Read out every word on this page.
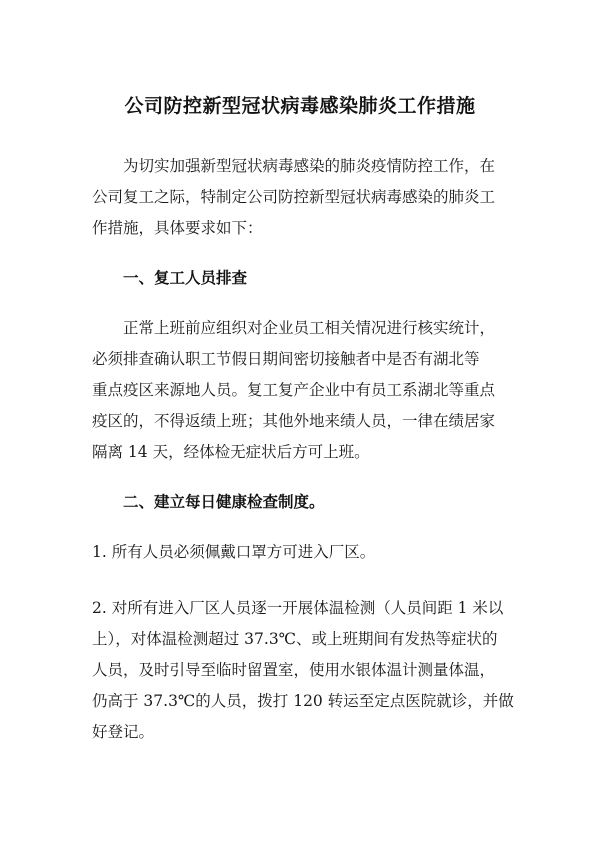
公司防控新型冠状病毒感染肺炎工作措施

为切实加强新型冠状病毒感染的肺炎疫情防控工作，在
公司复工之际，特制定公司防控新型冠状病毒感染的肺炎工
作措施，具体要求如下：

一、复工人员排查

正常上班前应组织对企业员工相关情况进行核实统计，
必须排查确认职工节假日期间密切接触者中是否有湖北等
重点疫区来源地人员。复工复产企业中有员工系湖北等重点
疫区的，不得返绩上班；其他外地来绩人员，一律在绩居家
隔离 14 天，经体检无症状后方可上班。

二、建立每日健康检查制度。

1. 所有人员必须佩戴口罩方可进入厂区。

2. 对所有进入厂区人员逐一开展体温检测（人员间距 1 米以
上），对体温检测超过 37.3℃、或上班期间有发热等症状的
人员，及时引导至临时留置室，使用水银体温计测量体温，
仍高于 37.3℃的人员，拨打 120 转运至定点医院就诊，并做
好登记。
